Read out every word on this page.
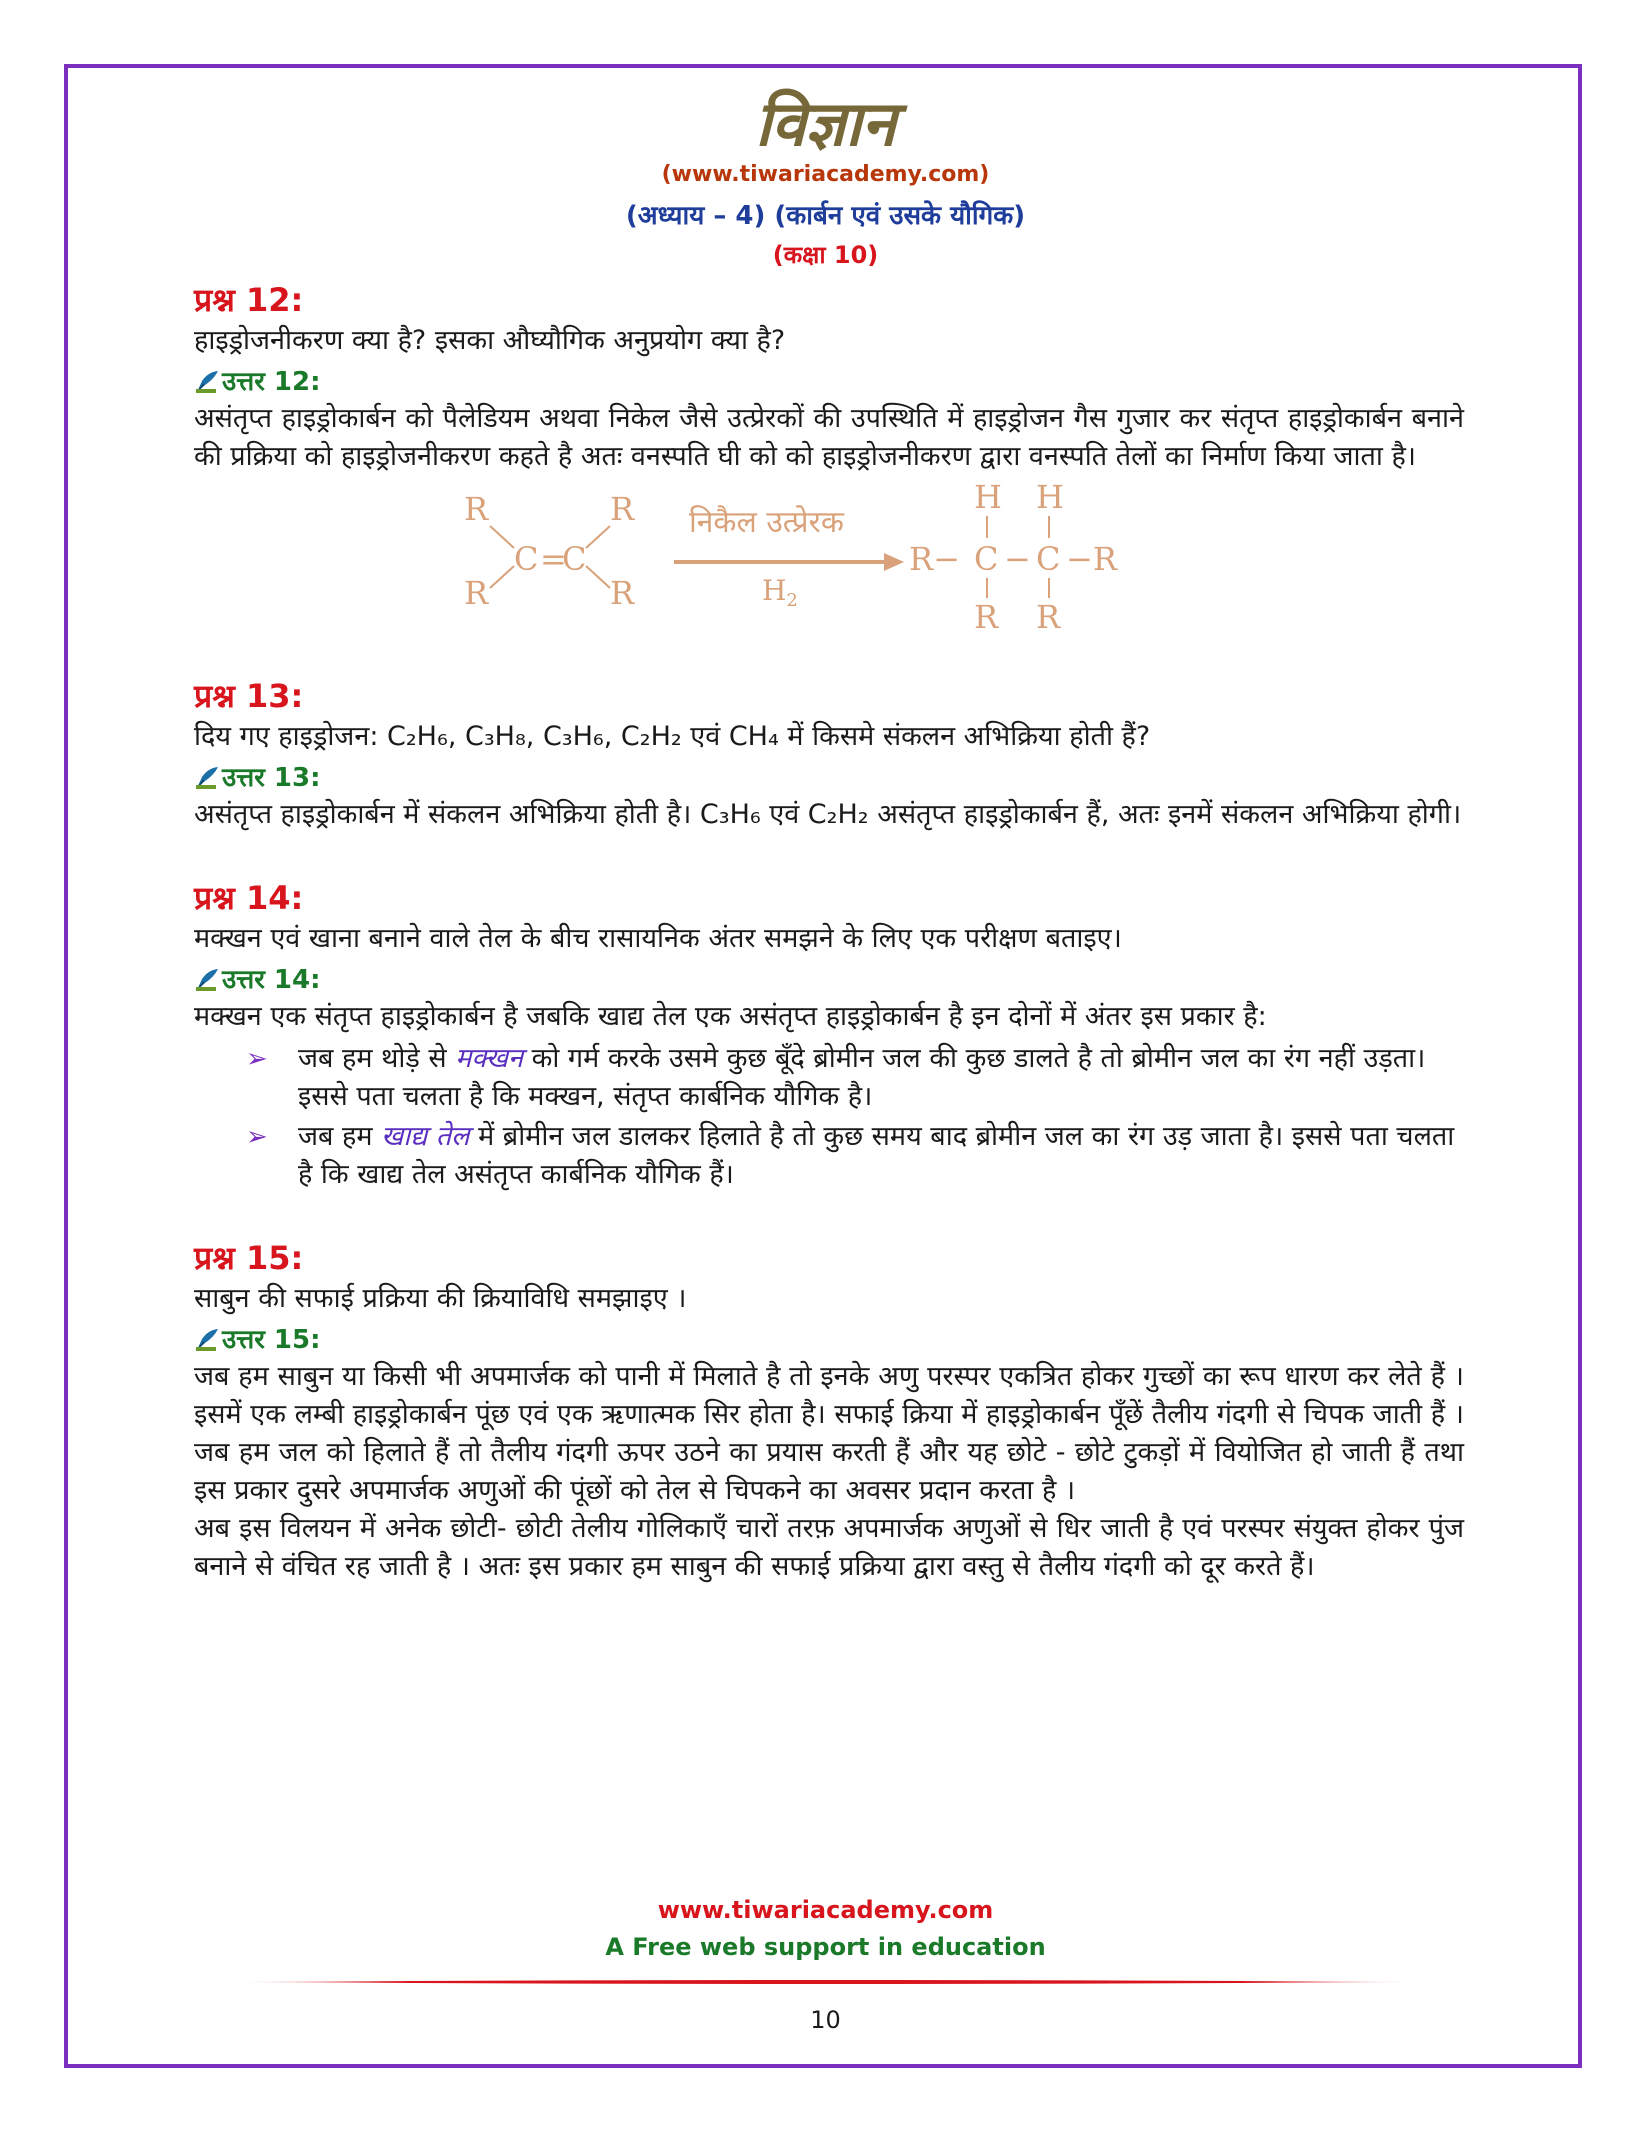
विज्ञान
(www.tiwariacademy.com)
(अध्याय – 4) (कार्बन एवं उसके यौगिक)
(कक्षा 10)

प्रश्न 12:

हाइड्रोजनीकरण क्या है? इसका औघ्यौगिक अनुप्रयोग क्या है?

उत्तर 12:

असंतृप्त हाइड्रोकार्बन को पैलेडियम अथवा निकेल जैसे उत्प्रेरकों की उपस्थिति में हाइड्रोजन गैस गुजार कर संतृप्त हाइड्रोकार्बन बनाने की प्रक्रिया को हाइड्रोजनीकरण कहते है अतः वनस्पति घी को को हाइड्रोजनीकरण द्वारा वनस्पति तेलों का निर्माण किया जाता है।

R
R
C =
C
R
R
निकैल उत्प्रेरक
$H_2$
H H
R− C − C −R
R R

प्रश्न 13:

दिय गए हाइड्रोजन: C₂H₆, C₃H₈, C₃H₆, C₂H₂ एवं CH₄ में किसमे संकलन अभिक्रिया होती हैं?

उत्तर 13:

असंतृप्त हाइड्रोकार्बन में संकलन अभिक्रिया होती है। C₃H₆ एवं C₂H₂ असंतृप्त हाइड्रोकार्बन हैं, अतः इनमें संकलन अभिक्रिया होगी।

प्रश्न 14:

मक्खन एवं खाना बनाने वाले तेल के बीच रासायनिक अंतर समझने के लिए एक परीक्षण बताइए।

उत्तर 14:

मक्खन एक संतृप्त हाइड्रोकार्बन है जबकि खाद्य तेल एक असंतृप्त हाइड्रोकार्बन है इन दोनों में अंतर इस प्रकार है:

➢	जब हम थोड़े से मक्खन को गर्म करके उसमे कुछ बूँदे ब्रोमीन जल की कुछ डालते है तो ब्रोमीन जल का रंग नहीं उड़ता। इससे पता चलता है कि मक्खन, संतृप्त कार्बनिक यौगिक है।
➢	जब हम खाद्य तेल में ब्रोमीन जल डालकर हिलाते है तो कुछ समय बाद ब्रोमीन जल का रंग उड़ जाता है। इससे पता चलता है कि खाद्य तेल असंतृप्त कार्बनिक यौगिक हैं।

प्रश्न 15:

साबुन की सफाई प्रक्रिया की क्रियाविधि समझाइए ।

उत्तर 15:

जब हम साबुन या किसी भी अपमार्जक को पानी में मिलाते है तो इनके अणु परस्पर एकत्रित होकर गुच्छों का रूप धारण कर लेते हैं । इसमें एक लम्बी हाइड्रोकार्बन पूंछ एवं एक ऋणात्मक सिर होता है। सफाई क्रिया में हाइड्रोकार्बन पूँछें तैलीय गंदगी से चिपक जाती हैं । जब हम जल को हिलाते हैं तो तैलीय गंदगी ऊपर उठने का प्रयास करती हैं और यह छोटे - छोटे टुकड़ों में वियोजित हो जाती हैं तथा इस प्रकार दुसरे अपमार्जक अणुओं की पूंछों को तेल से चिपकने का अवसर प्रदान करता है ।

अब इस विलयन में अनेक छोटी- छोटी तेलीय गोलिकाएँ चारों तरफ़ अपमार्जक अणुओं से धिर जाती है एवं परस्पर संयुक्त होकर पुंज बनाने से वंचित रह जाती है । अतः इस प्रकार हम साबुन की सफाई प्रक्रिया द्वारा वस्तु से तैलीय गंदगी को दूर करते हैं।

www.tiwariacademy.com
A Free web support in education
10
